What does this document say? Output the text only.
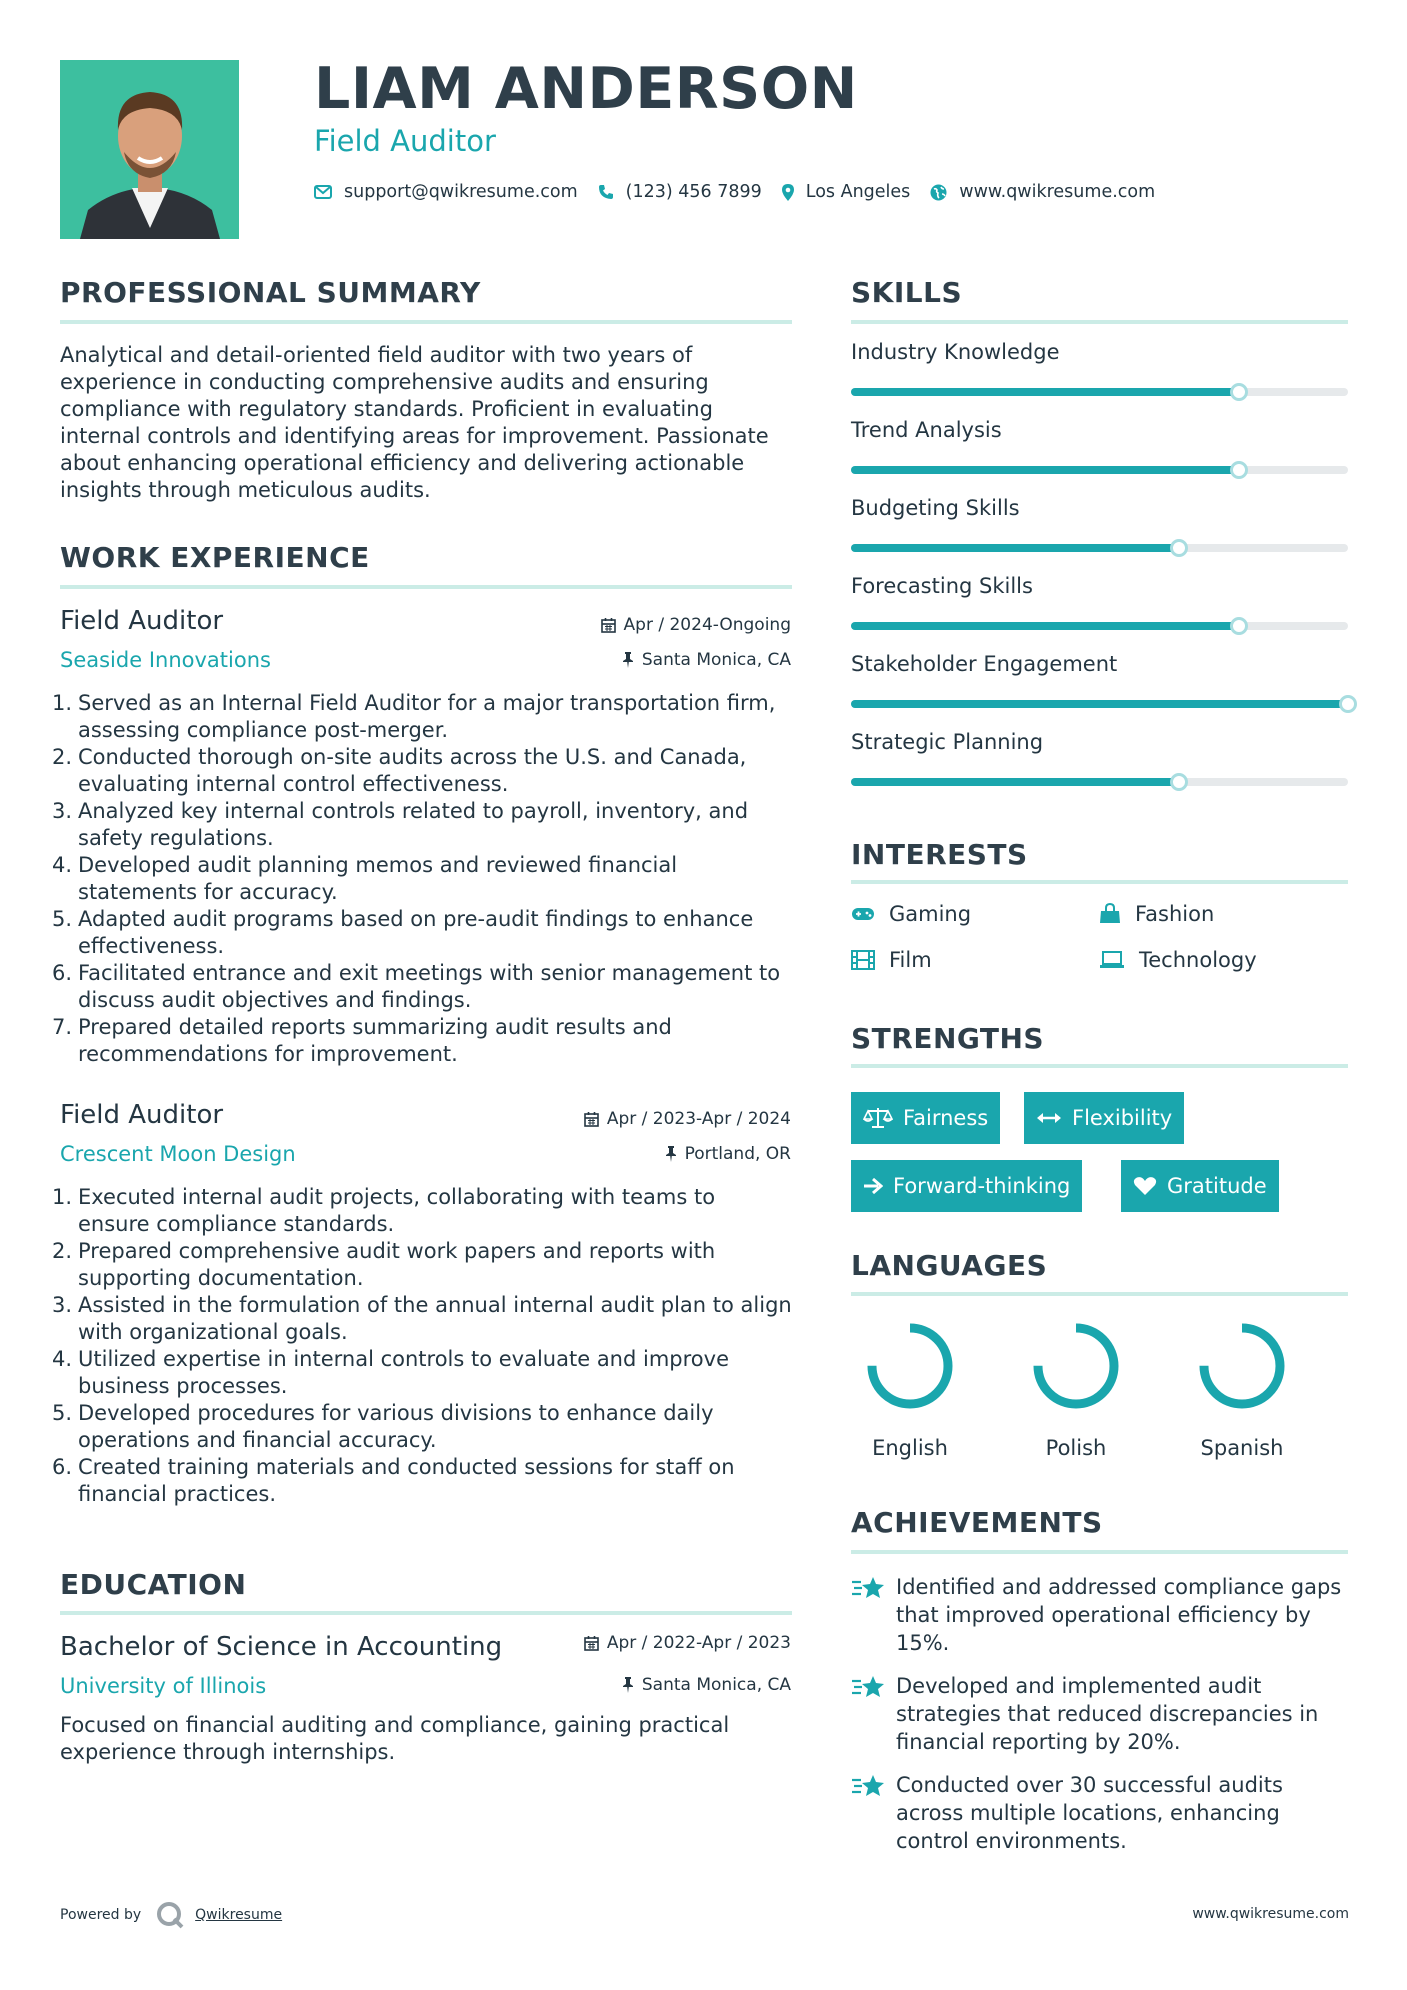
LIAM ANDERSON
Field Auditor
support@qwikresume.com	(123) 456 7899	Los Angeles	www.qwikresume.com
PROFESSIONAL SUMMARY
Analytical and detail-oriented field auditor with two years of experience in conducting comprehensive audits and ensuring compliance with regulatory standards. Proficient in evaluating internal controls and identifying areas for improvement. Passionate about enhancing operational efficiency and delivering actionable insights through meticulous audits.
WORK EXPERIENCE
Field Auditor
Seaside Innovations
Apr / 2024-Ongoing
Santa Monica, CA
Served as an Internal Field Auditor for a major transportation firm, assessing compliance post-merger.
Conducted thorough on-site audits across the U.S. and Canada, evaluating internal control effectiveness.
Analyzed key internal controls related to payroll, inventory, and safety regulations.
Developed audit planning memos and reviewed financial statements for accuracy.
Adapted audit programs based on pre-audit findings to enhance effectiveness.
Facilitated entrance and exit meetings with senior management to discuss audit objectives and findings.
Prepared detailed reports summarizing audit results and recommendations for improvement.
Field Auditor
Crescent Moon Design
Apr / 2023-Apr / 2024
Portland, OR
Executed internal audit projects, collaborating with teams to ensure compliance standards.
Prepared comprehensive audit work papers and reports with supporting documentation.
Assisted in the formulation of the annual internal audit plan to align with organizational goals.
Utilized expertise in internal controls to evaluate and improve business processes.
Developed procedures for various divisions to enhance daily operations and financial accuracy.
Created training materials and conducted sessions for staff on financial practices.
EDUCATION
Bachelor of Science in Accounting
University of Illinois
Apr / 2022-Apr / 2023
Santa Monica, CA
Focused on financial auditing and compliance, gaining practical experience through internships.
SKILLS
Industry Knowledge
Trend Analysis
Budgeting Skills
Forecasting Skills
Stakeholder Engagement
Strategic Planning
INTERESTS
Gaming	Fashion
Film	Technology
STRENGTHS
Fairness	Flexibility
Forward-thinking	Gratitude
LANGUAGES
English	Polish	Spanish
ACHIEVEMENTS
Identified and addressed compliance gaps that improved operational efficiency by 15%.
Developed and implemented audit strategies that reduced discrepancies in financial reporting by 20%.
Conducted over 30 successful audits across multiple locations, enhancing control environments.
Powered by	Qwikresume	www.qwikresume.com
